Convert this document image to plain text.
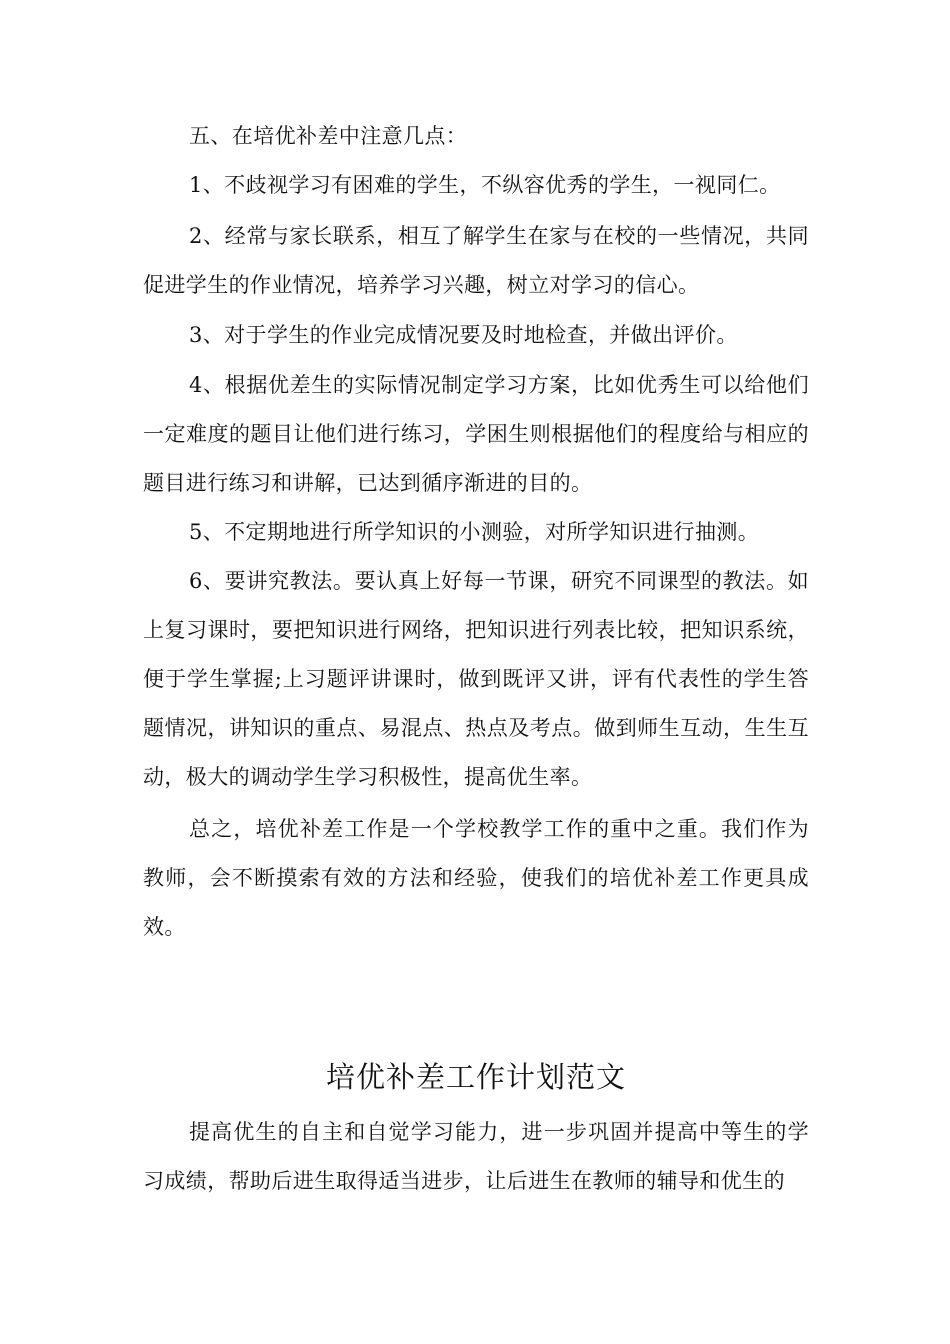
五、在培优补差中注意几点：

1、不歧视学习有困难的学生，不纵容优秀的学生，一视同仁。

2、经常与家长联系，相互了解学生在家与在校的一些情况，共同促进学生的作业情况，培养学习兴趣，树立对学习的信心。

3、对于学生的作业完成情况要及时地检查，并做出评价。

4、根据优差生的实际情况制定学习方案，比如优秀生可以给他们一定难度的题目让他们进行练习，学困生则根据他们的程度给与相应的题目进行练习和讲解，已达到循序渐进的目的。

5、不定期地进行所学知识的小测验，对所学知识进行抽测。

6、要讲究教法。要认真上好每一节课，研究不同课型的教法。如上复习课时，要把知识进行网络，把知识进行列表比较，把知识系统，便于学生掌握;上习题评讲课时，做到既评又讲，评有代表性的学生答题情况，讲知识的重点、易混点、热点及考点。做到师生互动，生生互动，极大的调动学生学习积极性，提高优生率。

总之，培优补差工作是一个学校教学工作的重中之重。我们作为教师，会不断摸索有效的方法和经验，使我们的培优补差工作更具成效。

培优补差工作计划范文

提高优生的自主和自觉学习能力，进一步巩固并提高中等生的学习成绩，帮助后进生取得适当进步，让后进生在教师的辅导和优生的
